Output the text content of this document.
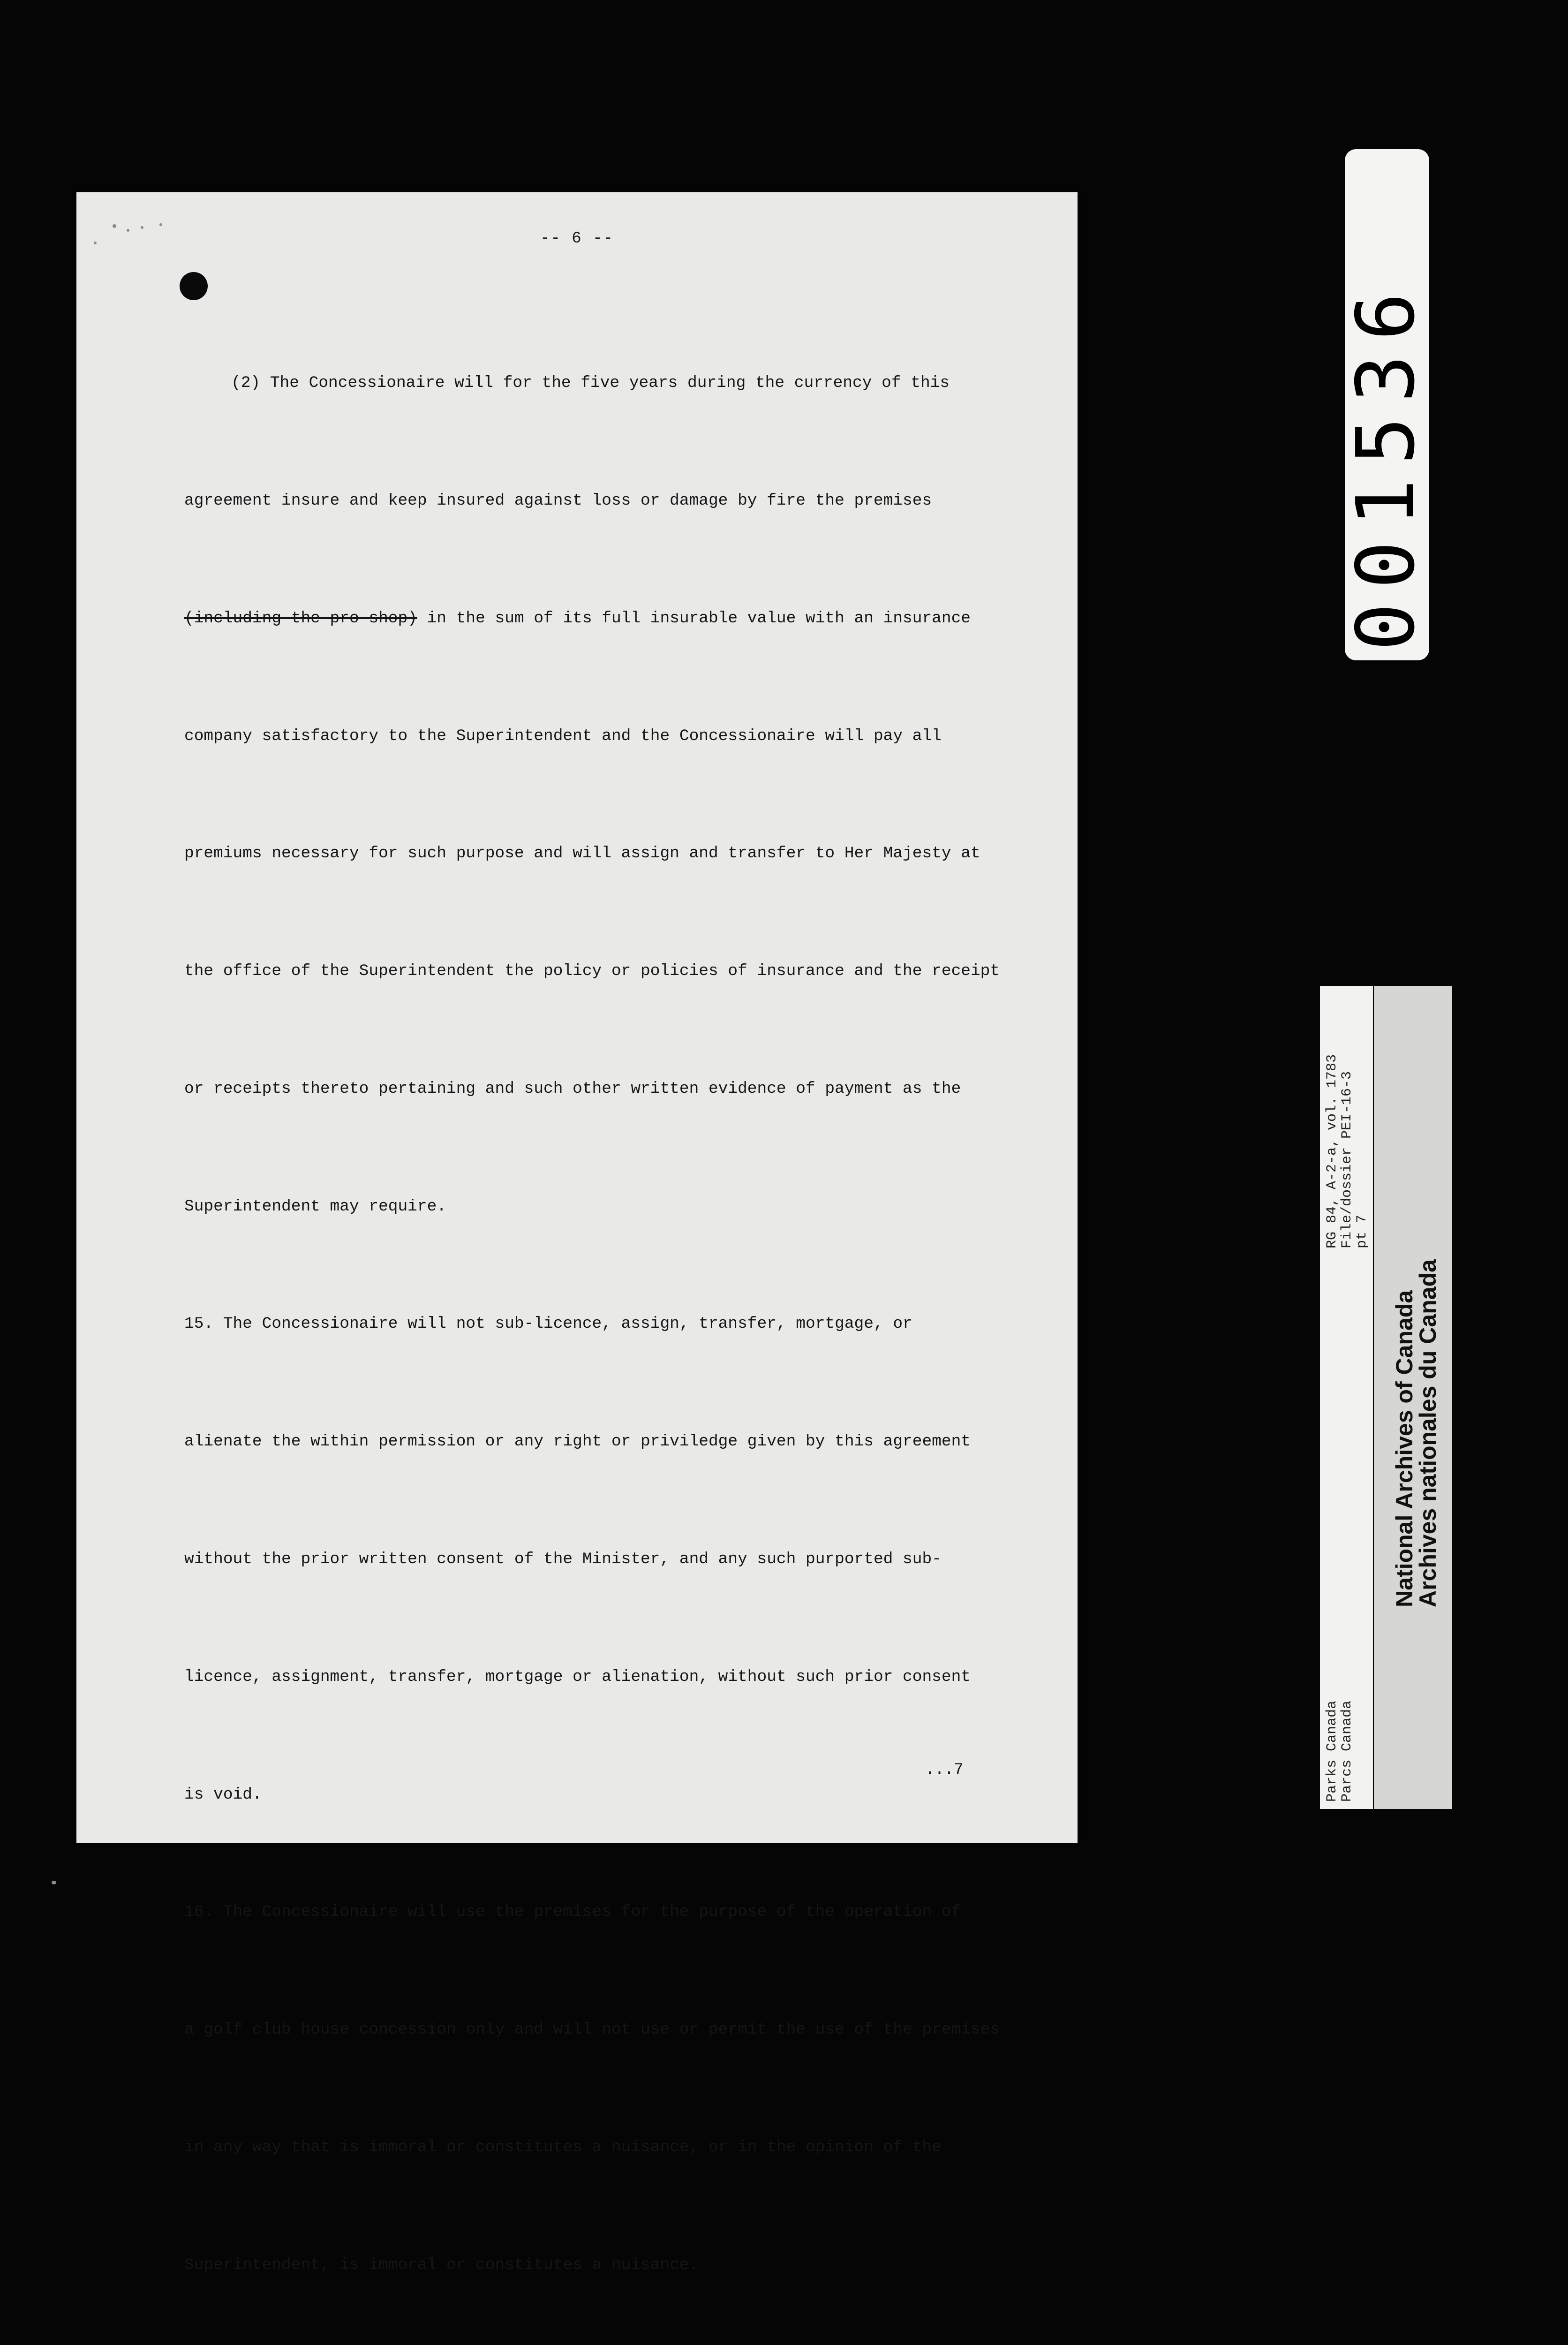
-- 6 --

(2) The Concessionaire will for the five years during the currency of this

agreement insure and keep insured against loss or damage by fire the premises

(including the pro shop) in the sum of its full insurable value with an insurance

company satisfactory to the Superintendent and the Concessionaire will pay all

premiums necessary for such purpose and will assign and transfer to Her Majesty at

the office of the Superintendent the policy or policies of insurance and the receipt

or receipts thereto pertaining and such other written evidence of payment as the

Superintendent may require.

15. The Concessionaire will not sub-licence, assign, transfer, mortgage, or

alienate the within permission or any right or priviledge given by this agreement

without the prior written consent of the Minister, and any such purported sub-

licence, assignment, transfer, mortgage or alienation, without such prior consent

is void.

16. The Concessionaire will use the premises for the purpose of the operation of

a golf club house concession only and will not use or permit the use of the premises

in any way that is immoral or constitutes a nuisance, or in the opinion of the

Superintendent, is immoral or constitutes a nuisance.

...7
001536
RG 84, A-2-a, vol. 1783
File/dossier PEI-16-3
pt 7
Parks Canada
Parcs Canada
National Archives of Canada
Archives nationales du Canada
